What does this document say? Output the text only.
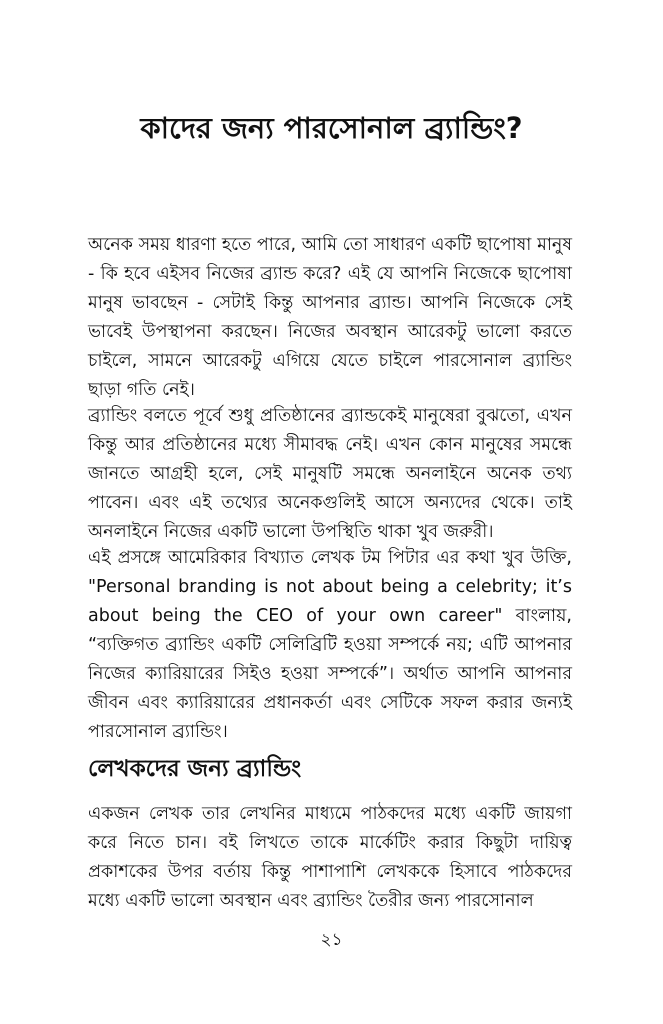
কাদের জন্য পারসোনাল ব্র্যান্ডিং?

অনেক সময় ধারণা হতে পারে, আমি তো সাধারণ একটি ছাপোষা মানুষ - কি হবে এইসব নিজের ব্র্যান্ড করে? এই যে আপনি নিজেকে ছাপোষা মানুষ ভাবছেন - সেটাই কিন্তু আপনার ব্র্যান্ড। আপনি নিজেকে সেই ভাবেই উপস্থাপনা করছেন। নিজের অবস্থান আরেকটু ভালো করতে চাইলে, সামনে আরেকটু এগিয়ে যেতে চাইলে পারসোনাল ব্র্যান্ডিং ছাড়া গতি নেই।

ব্র্যান্ডিং বলতে পূর্বে শুধু প্রতিষ্ঠানের ব্র্যান্ডকেই মানুষেরা বুঝতো, এখন কিন্তু আর প্রতিষ্ঠানের মধ্যে সীমাবদ্ধ নেই। এখন কোন মানুষের সমন্ধে জানতে আগ্রহী হলে, সেই মানুষটি সমন্ধে অনলাইনে অনেক তথ্য পাবেন। এবং এই তথ্যের অনেকগুলিই আসে অন্যদের থেকে। তাই অনলাইনে নিজের একটি ভালো উপস্থিতি থাকা খুব জরুরী।

এই প্রসঙ্গে আমেরিকার বিখ্যাত লেখক টম পিটার এর কথা খুব উক্তি, "Personal branding is not about being a celebrity; it’s about being the CEO of your own career" বাংলায়, “ব্যক্তিগত ব্র্যান্ডিং একটি সেলিব্রিটি হওয়া সম্পর্কে নয়; এটি আপনার নিজের ক্যারিয়ারের সিইও হওয়া সম্পর্কে”। অর্থাত আপনি আপনার জীবন এবং ক্যারিয়ারের প্রধানকর্তা এবং সেটিকে সফল করার জন্যই পারসোনাল ব্র্যান্ডিং।

লেখকদের জন্য ব্র্যান্ডিং

একজন লেখক তার লেখনির মাধ্যমে পাঠকদের মধ্যে একটি জায়গা করে নিতে চান। বই লিখতে তাকে মার্কেটিং করার কিছুটা দায়িত্ব প্রকাশকের উপর বর্তায় কিন্তু পাশাপাশি লেখককে হিসাবে পাঠকদের মধ্যে একটি ভালো অবস্থান এবং ব্র্যান্ডিং তৈরীর জন্য পারসোনাল

২১
